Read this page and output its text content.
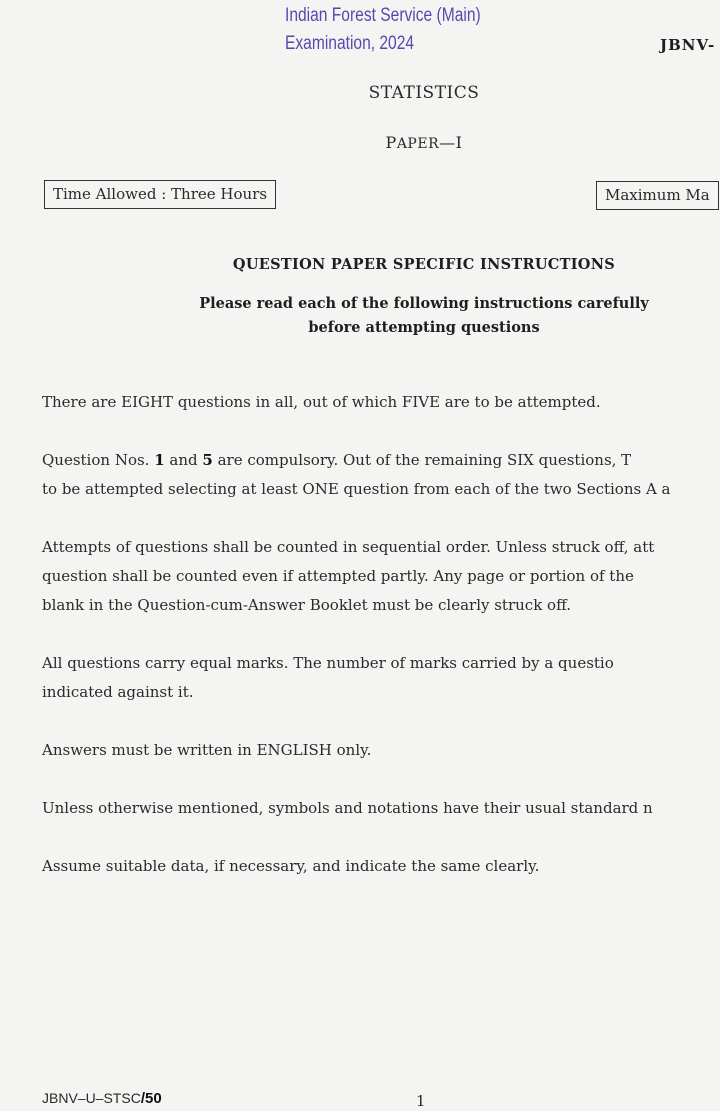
Indian Forest Service (Main)
Examination, 2024	JBNV-
STATISTICS
PAPER—I
Time Allowed : Three Hours	Maximum Ma
QUESTION PAPER SPECIFIC INSTRUCTIONS
Please read each of the following instructions carefully
before attempting questions
There are EIGHT questions in all, out of which FIVE are to be attempted.
Question Nos. 1 and 5 are compulsory. Out of the remaining SIX questions, T
to be attempted selecting at least ONE question from each of the two Sections A a
Attempts of questions shall be counted in sequential order. Unless struck off, att
question shall be counted even if attempted partly. Any page or portion of the
blank in the Question-cum-Answer Booklet must be clearly struck off.
All questions carry equal marks. The number of marks carried by a questio
indicated against it.
Answers must be written in ENGLISH only.
Unless otherwise mentioned, symbols and notations have their usual standard n
Assume suitable data, if necessary, and indicate the same clearly.
JBNV–U–STSC/50	1
